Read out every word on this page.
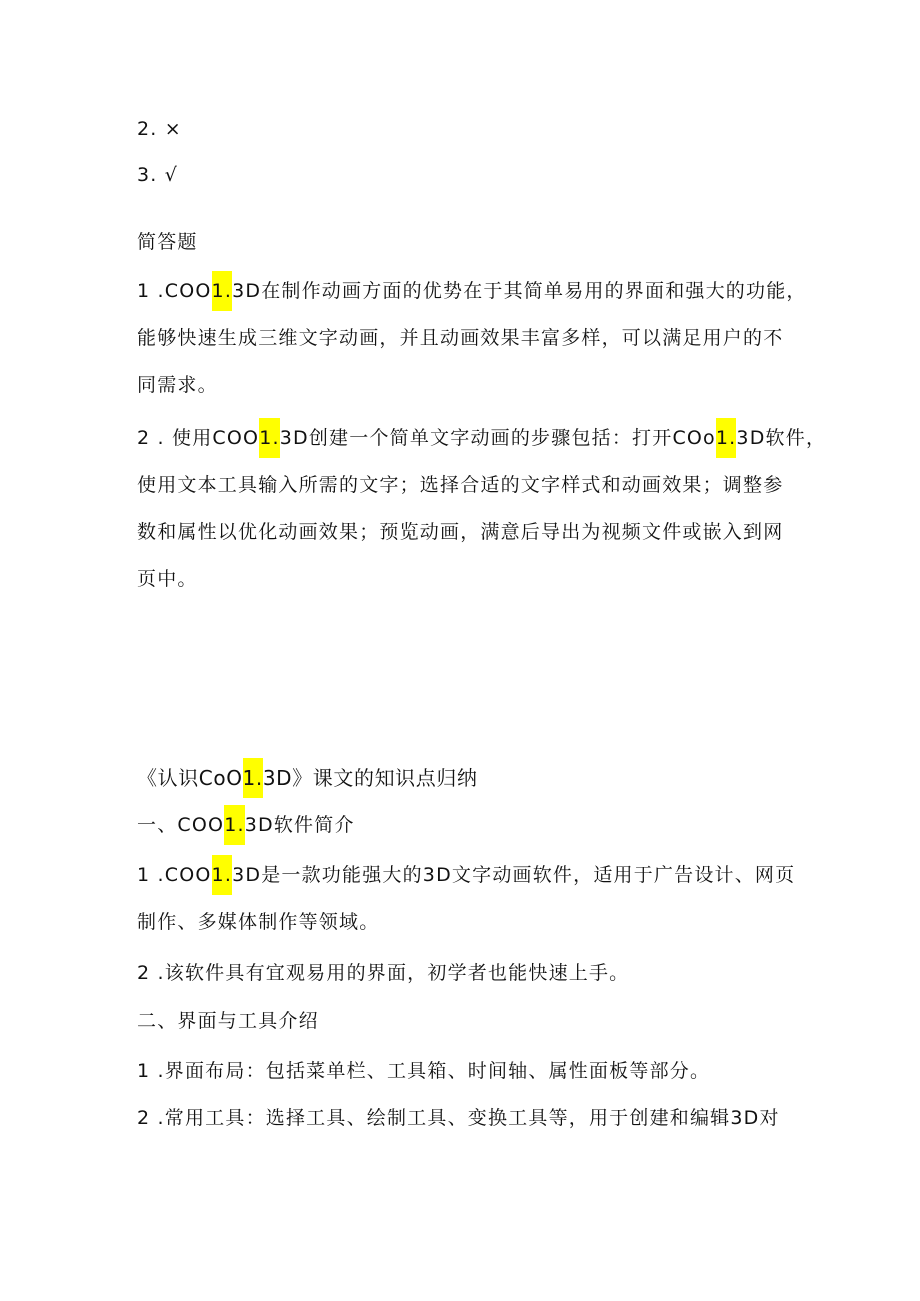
2. ×
3. √
简答题
1 .COO1.3D在制作动画方面的优势在于其简单易用的界面和强大的功能，
能够快速生成三维文字动画，并且动画效果丰富多样，可以满足用户的不
同需求。
2 . 使用COO1.3D创建一个简单文字动画的步骤包括：打开COo1.3D软件，
使用文本工具输入所需的文字；选择合适的文字样式和动画效果；调整参
数和属性以优化动画效果；预览动画，满意后导出为视频文件或嵌入到网
页中。
《认识CoO1.3D》课文的知识点归纳
一、COO1.3D软件简介
1 .COO1.3D是一款功能强大的3D文字动画软件，适用于广告设计、网页
制作、多媒体制作等领域。
2 .该软件具有宜观易用的界面，初学者也能快速上手。
二、界面与工具介绍
1 .界面布局：包括菜单栏、工具箱、时间轴、属性面板等部分。
2 .常用工具：选择工具、绘制工具、变换工具等，用于创建和编辑3D对
